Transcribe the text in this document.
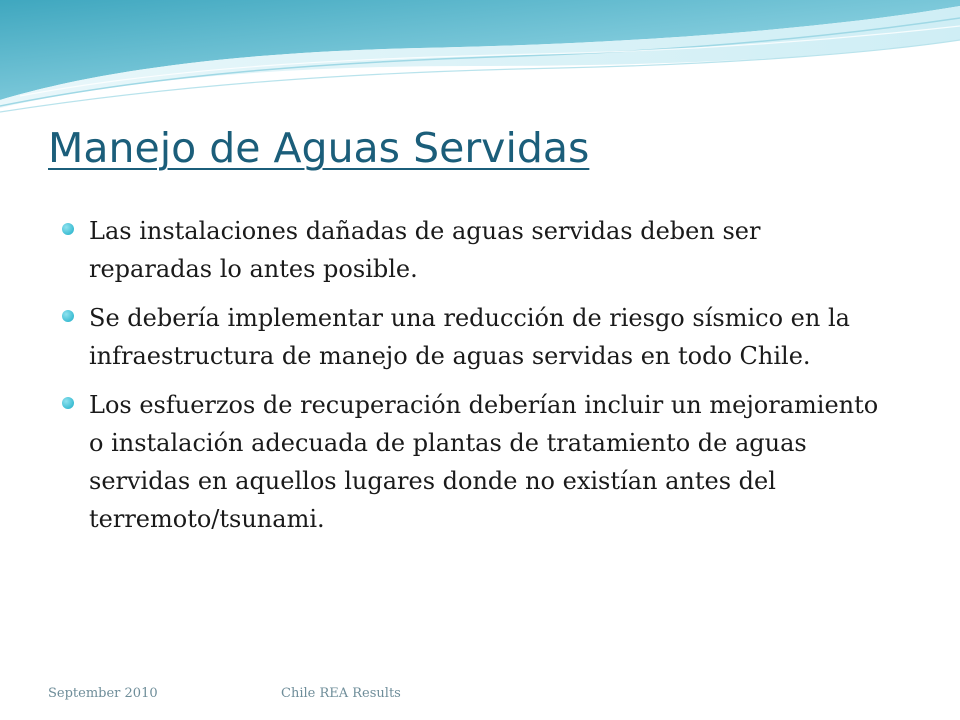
Manejo de Aguas Servidas
Las instalaciones dañadas de aguas servidas deben ser reparadas lo antes posible.
Se debería implementar una reducción de riesgo sísmico en la infraestructura de manejo de aguas servidas en todo Chile.
Los esfuerzos de recuperación deberían incluir un mejoramiento o instalación adecuada de plantas de tratamiento de aguas servidas en aquellos lugares donde no existían antes del terremoto/tsunami.
September 2010	Chile REA Results
